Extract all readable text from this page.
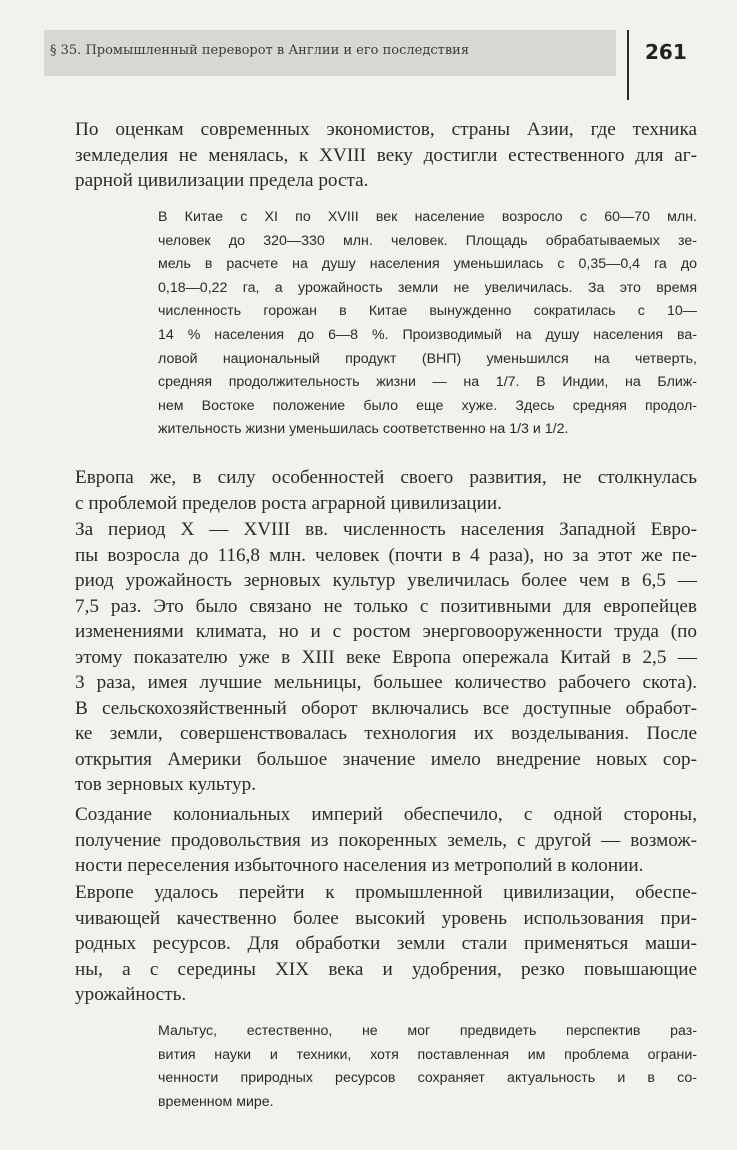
§ 35. Промышленный переворот в Англии и его последствия	261
По оценкам современных экономистов, страны Азии, где техника
земледелия не менялась, к XVIII веку достигли естественного для аг-
рарной цивилизации предела роста.
В Китае с XI по XVIII век население возросло с 60—70 млн.
человек до 320—330 млн. человек. Площадь обрабатываемых зе-
мель в расчете на душу населения уменьшилась с 0,35—0,4 га до
0,18—0,22 га, а урожайность земли не увеличилась. За это время
численность горожан в Китае вынужденно сократилась с 10—
14 % населения до 6—8 %. Производимый на душу населения ва-
ловой национальный продукт (ВНП) уменьшился на четверть,
средняя продолжительность жизни — на 1/7. В Индии, на Ближ-
нем Востоке положение было еще хуже. Здесь средняя продол-
жительность жизни уменьшилась соответственно на 1/3 и 1/2.
Европа же, в силу особенностей своего развития, не столкнулась
с проблемой пределов роста аграрной цивилизации.
За период X — XVIII вв. численность населения Западной Евро-
пы возросла до 116,8 млн. человек (почти в 4 раза), но за этот же пе-
риод урожайность зерновых культур увеличилась более чем в 6,5 —
7,5 раз. Это было связано не только с позитивными для европейцев
изменениями климата, но и с ростом энерговооруженности труда (по
этому показателю уже в XIII веке Европа опережала Китай в 2,5 —
3 раза, имея лучшие мельницы, большее количество рабочего скота).
В сельскохозяйственный оборот включались все доступные обработ-
ке земли, совершенствовалась технология их возделывания. После
открытия Америки большое значение имело внедрение новых сор-
тов зерновых культур.
Создание колониальных империй обеспечило, с одной стороны,
получение продовольствия из покоренных земель, с другой — возмож-
ности переселения избыточного населения из метрополий в колонии.
Европе удалось перейти к промышленной цивилизации, обеспе-
чивающей качественно более высокий уровень использования при-
родных ресурсов. Для обработки земли стали применяться маши-
ны, а с середины XIX века и удобрения, резко повышающие
урожайность.
Мальтус, естественно, не мог предвидеть перспектив раз-
вития науки и техники, хотя поставленная им проблема ограни-
ченности природных ресурсов сохраняет актуальность и в со-
временном мире.
